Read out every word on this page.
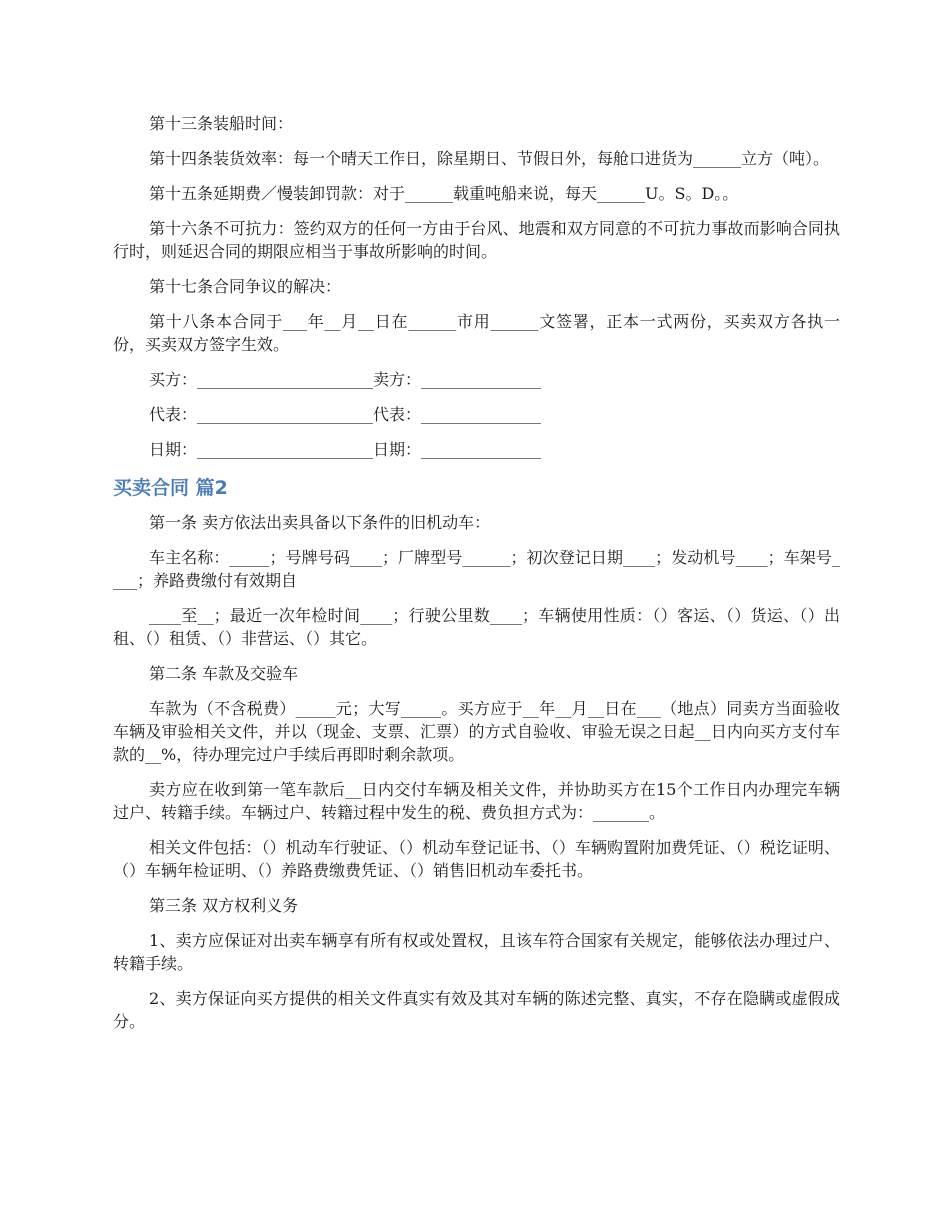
第十三条装船时间：

第十四条装货效率：每一个晴天工作日，除星期日、节假日外，每舱口进货为______立方（吨）。

第十五条延期费／慢装卸罚款：对于______载重吨船来说，每天______U。S。D。。

第十六条不可抗力：签约双方的任何一方由于台风、地震和双方同意的不可抗力事故而影响合同执行时，则延迟合同的期限应相当于事故所影响的时间。

第十七条合同争议的解决：

第十八条本合同于___年__月__日在______市用______文签署，正本一式两份，买卖双方各执一份，买卖双方签字生效。

买方：______________________卖方：_______________
代表：______________________代表：_______________
日期：______________________日期：_______________
买卖合同 篇2

第一条 卖方依法出卖具备以下条件的旧机动车：

车主名称：_____；号牌号码____；厂牌型号______；初次登记日期____；发动机号____；车架号____；养路费缴付有效期自

____至__；最近一次年检时间____；行驶公里数____；车辆使用性质：（）客运、（）货运、（）出租、（）租赁、（）非营运、（）其它。

第二条 车款及交验车

车款为（不含税费）_____元；大写_____。买方应于__年__月__日在___（地点）同卖方当面验收车辆及审验相关文件，并以（现金、支票、汇票）的方式自验收、审验无误之日起__日内向买方支付车款的__%，待办理完过户手续后再即时剩余款项。

卖方应在收到第一笔车款后__日内交付车辆及相关文件，并协助买方在15个工作日内办理完车辆过户、转籍手续。车辆过户、转籍过程中发生的税、费负担方式为：_______。

相关文件包括：（）机动车行驶证、（）机动车登记证书、（）车辆购置附加费凭证、（）税讫证明、（）车辆年检证明、（）养路费缴费凭证、（）销售旧机动车委托书。

第三条 双方权利义务

1、卖方应保证对出卖车辆享有所有权或处置权，且该车符合国家有关规定，能够依法办理过户、转籍手续。

2、卖方保证向买方提供的相关文件真实有效及其对车辆的陈述完整、真实，不存在隐瞒或虚假成分。
